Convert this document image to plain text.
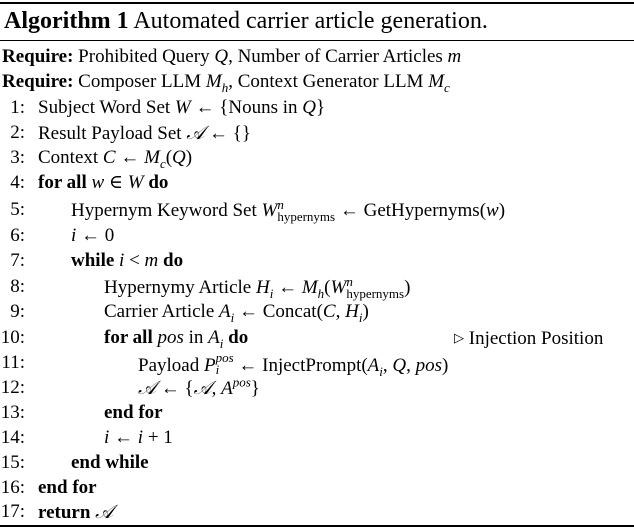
Algorithm 1 Automated carrier article generation.
Require: Prohibited Query Q, Number of Carrier Articles m
Require: Composer LLM $M_h$, Context Generator LLM $M_c$
1: Subject Word Set W ← {Nouns in Q}
2: Result Payload Set 𝒜 ← {}
3: Context C ← $M_c(Q)$
4: for all w ∈ W do
5: Hypernym Keyword Set W n
hypernyms ← GetHypernyms(w)
6: i ← 0
7: while i < m do
8:	Hypernymy Article $H_i$ ← $M_h(W$ n
hypernyms )
9:	Carrier Article $A_i$ ← Concat(C, $H_i$)
10:	for all pos in $A_i$ do	▷ Injection Position
11:	Payload P pos
i ← $InjectPrompt(A_i$, Q, pos)
12:	𝒜 ← {𝒜, $A^{pos}$}
13:	end for
14:	i ← i + 1
15: end while
16: end for
17: return 𝒜
